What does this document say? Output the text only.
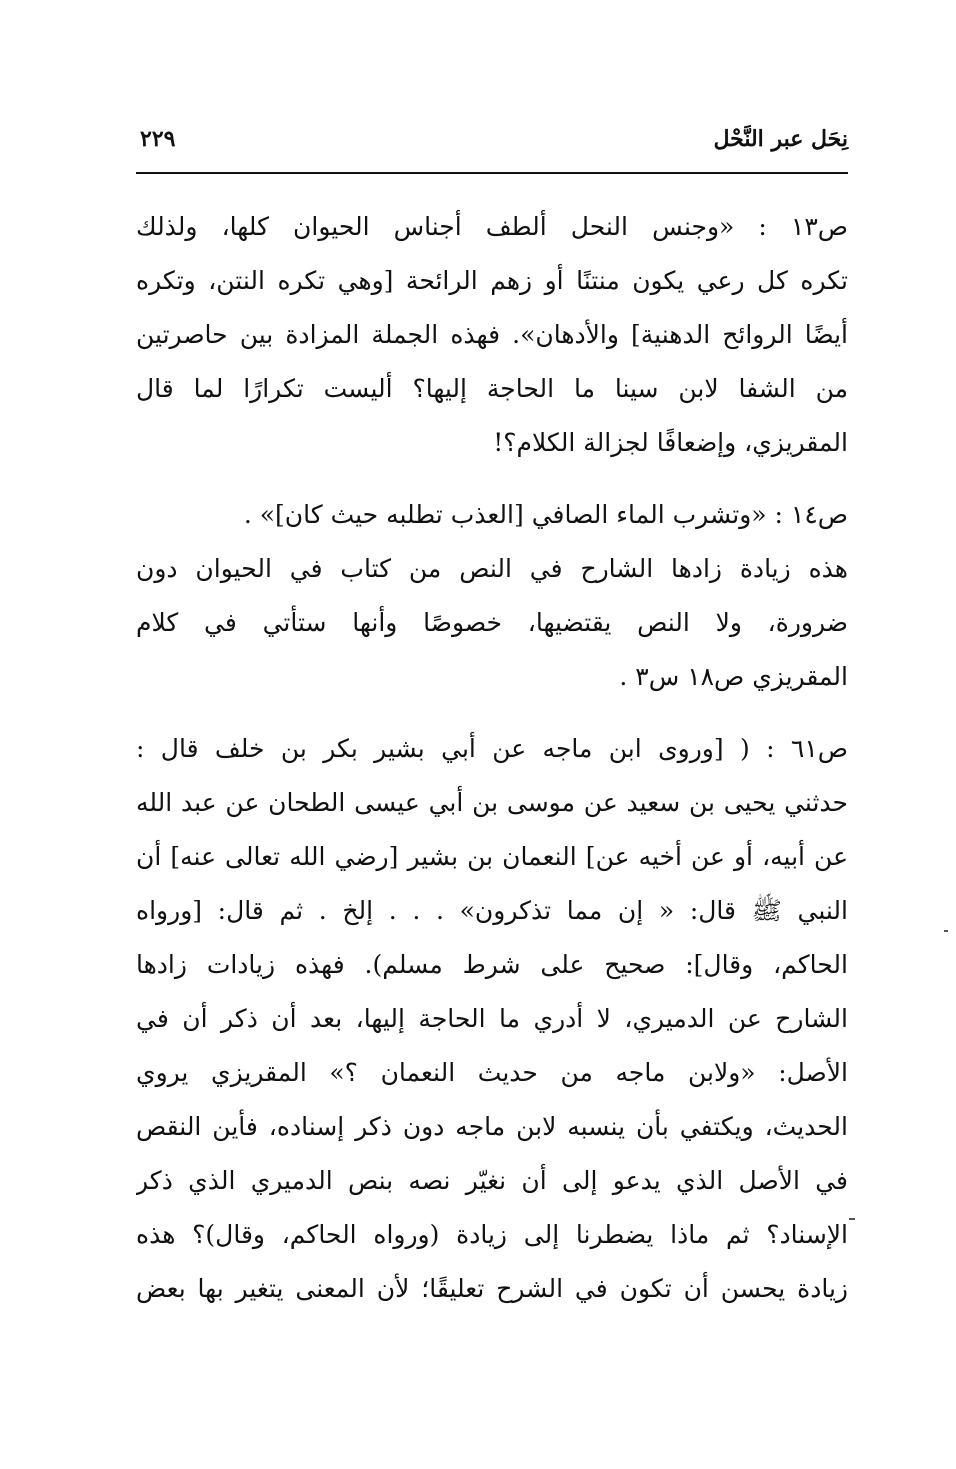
نِحَل عبر النَّحْل
٢٢٩
ص١٣ : «وجنس النحل ألطف أجناس الحيوان كلها، ولذلك
تكره كل رعي يكون منتنًا أو زهم الرائحة [وهي تكره النتن، وتكره
أيضًا الروائح الدهنية] والأدهان». فهذه الجملة المزادة بين حاصرتين
من الشفا لابن سينا ما الحاجة إليها؟ أليست تكرارًا لما قال
المقريزي، وإضعافًا لجزالة الكلام؟!
ص١٤ : «وتشرب الماء الصافي [العذب تطلبه حيث كان]» .
هذه زيادة زادها الشارح في النص من كتاب في الحيوان دون
ضرورة، ولا النص يقتضيها، خصوصًا وأنها ستأتي في كلام
المقريزي ص١٨ س٣ .
ص٦١ : ( [وروى ابن ماجه عن أبي بشير بكر بن خلف قال :
حدثني يحيى بن سعيد عن موسى بن أبي عيسى الطحان عن عبد الله
عن أبيه، أو عن أخيه عن] النعمان بن بشير [رضي الله تعالى عنه] أن
النبي ﷺ قال: « إن مما تذكرون» . . . إلخ . ثم قال: [ورواه
الحاكم، وقال]: صحيح على شرط مسلم). فهذه زيادات زادها
الشارح عن الدميري، لا أدري ما الحاجة إليها، بعد أن ذكر أن في
الأصل: «ولابن ماجه من حديث النعمان ؟» المقريزي يروي
الحديث، ويكتفي بأن ينسبه لابن ماجه دون ذكر إسناده، فأين النقص
في الأصل الذي يدعو إلى أن نغيّر نصه بنص الدميري الذي ذكر
الإسناد؟ ثم ماذا يضطرنا إلى زيادة (ورواه الحاكم، وقال)؟ هذه
زيادة يحسن أن تكون في الشرح تعليقًا؛ لأن المعنى يتغير بها بعض
